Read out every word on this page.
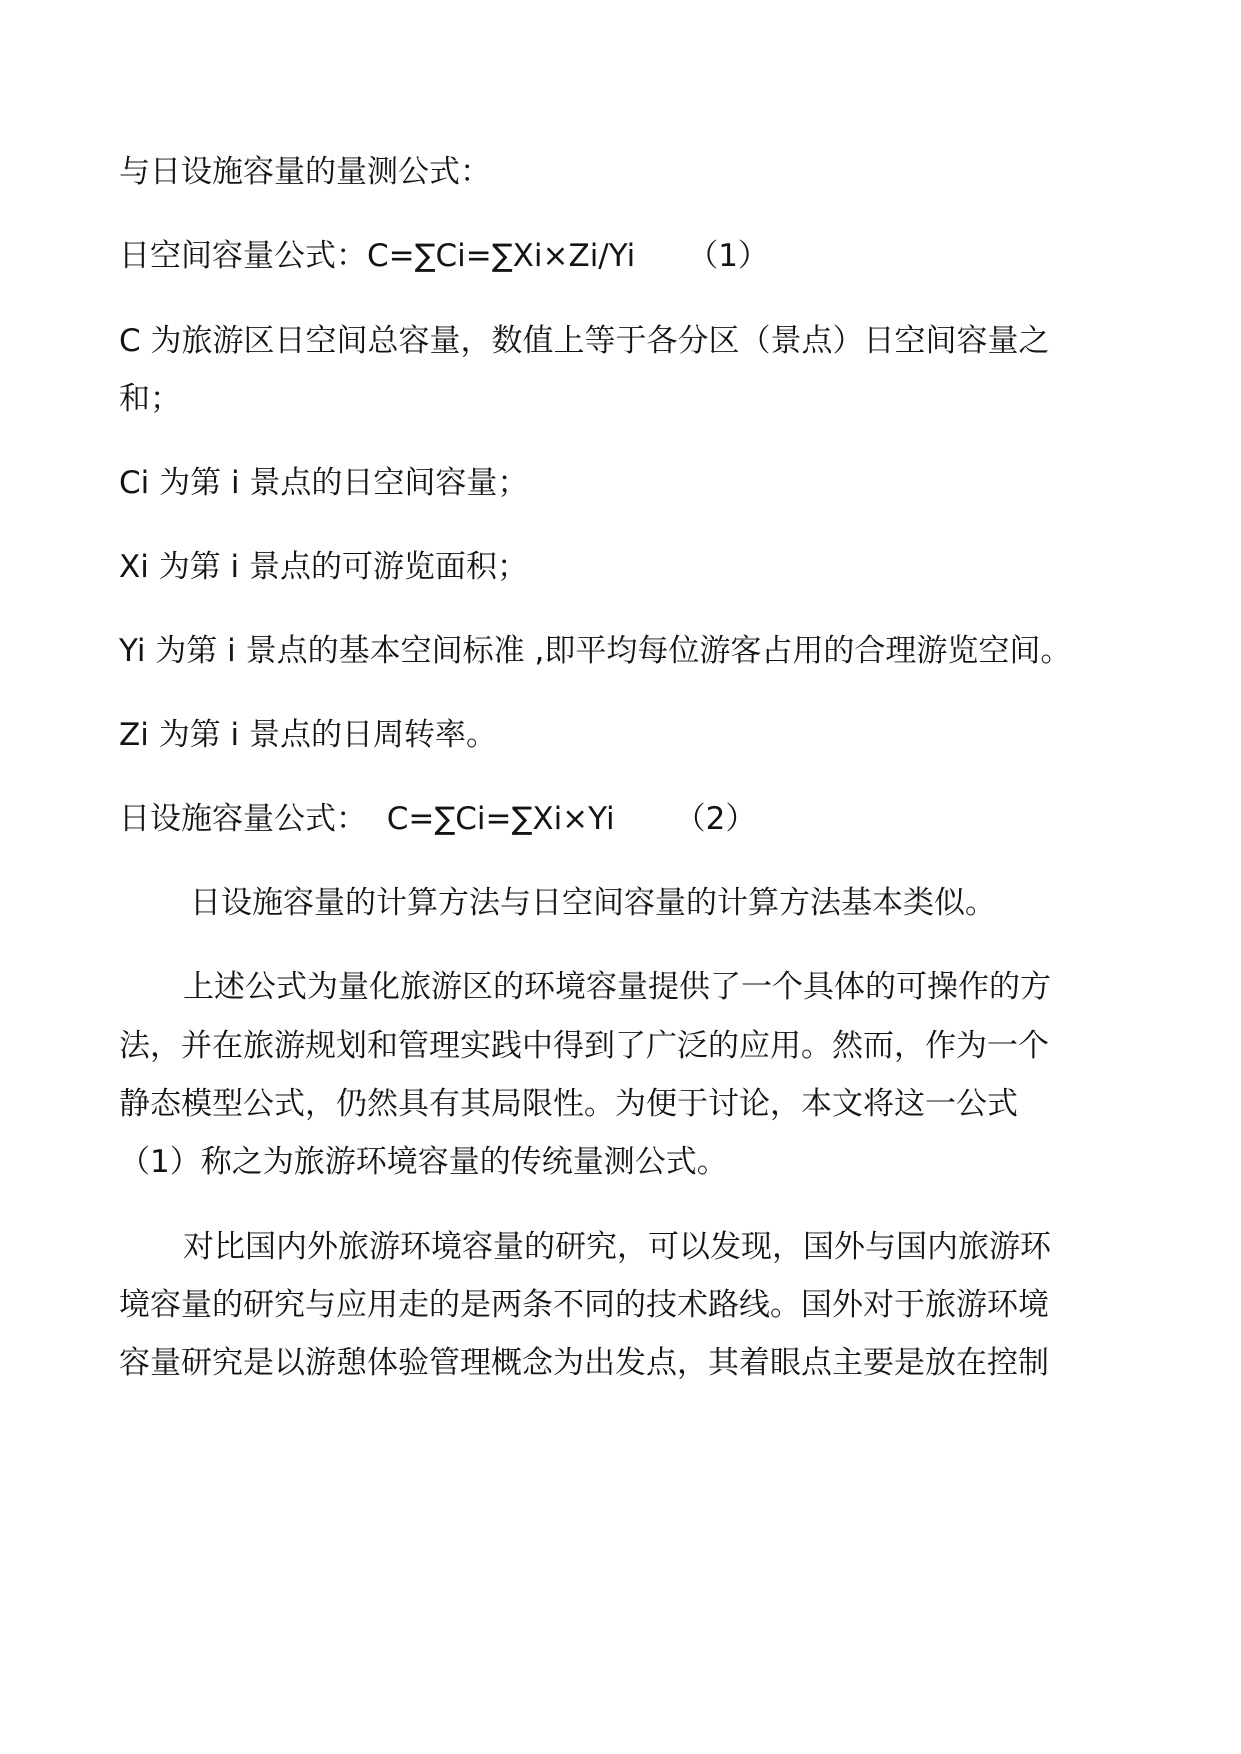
与日设施容量的量测公式：

日空间容量公式：C=∑Ci=∑Xi×Zi/Yi （1）

C 为旅游区日空间总容量，数值上等于各分区（景点）日空间容量之

和；

Ci 为第 i 景点的日空间容量；

Xi 为第 i 景点的可游览面积；

Yi 为第 i 景点的基本空间标准 ,即平均每位游客占用的合理游览空间。

Zi 为第 i 景点的日周转率。

日设施容量公式：  C=∑Ci=∑Xi×Yi （2）

日设施容量的计算方法与日空间容量的计算方法基本类似。

上述公式为量化旅游区的环境容量提供了一个具体的可操作的方

法，并在旅游规划和管理实践中得到了广泛的应用。然而，作为一个

静态模型公式，仍然具有其局限性。为便于讨论，本文将这一公式

（1）称之为旅游环境容量的传统量测公式。

对比国内外旅游环境容量的研究，可以发现，国外与国内旅游环

境容量的研究与应用走的是两条不同的技术路线。国外对于旅游环境

容量研究是以游憩体验管理概念为出发点，其着眼点主要是放在控制
